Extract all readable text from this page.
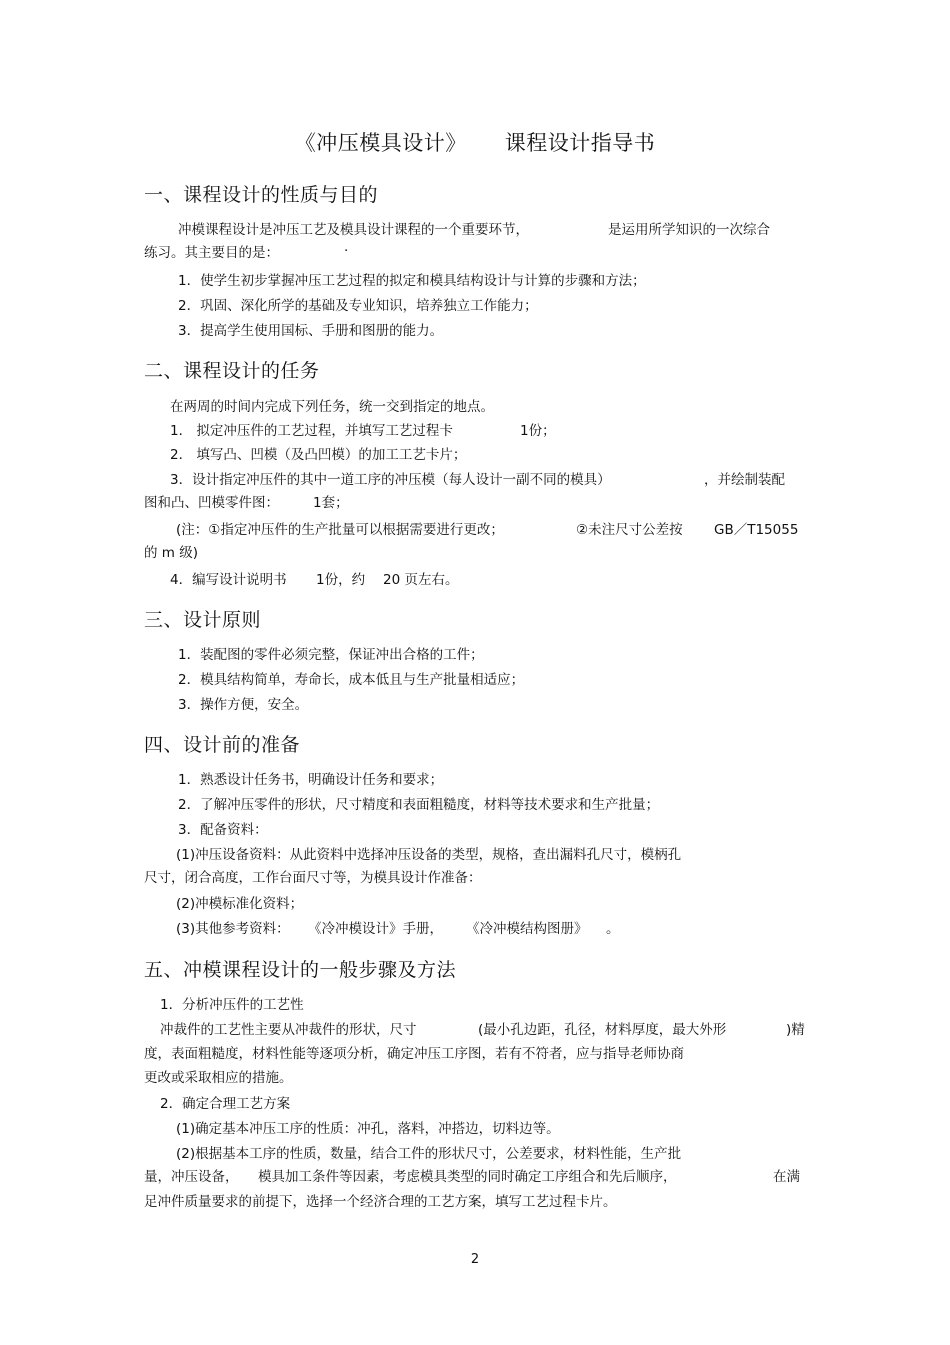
《冲压模具设计》 课程设计指导书
一、课程设计的性质与目的
冲模课程设计是冲压工艺及模具设计课程的一个重要环节，	是运用所学知识的一次综合
练习。其主要目的是：	·
1．使学生初步掌握冲压工艺过程的拟定和模具结构设计与计算的步骤和方法；
2．巩固、深化所学的基础及专业知识，培养独立工作能力；
3．提高学生使用国标、手册和图册的能力。
二、课程设计的任务
在两周的时间内完成下列任务，统一交到指定的地点。
1． 拟定冲压件的工艺过程，并填写工艺过程卡	1份；
2． 填写凸、凹模（及凸凹模）的加工工艺卡片；
3．设计指定冲压件的其中一道工序的冲压模（每人设计一副不同的模具）	，并绘制装配
图和凸、凹模零件图：	1套；
(注：①指定冲压件的生产批量可以根据需要进行更改；	②未注尺寸公差按 GB／T15055
的 m 级)
4．编写设计说明书 1份，约 20 页左右。
三、设计原则
1．装配图的零件必须完整，保证冲出合格的工件；
2．模具结构简单，寿命长，成本低且与生产批量相适应；
3．操作方便，安全。
四、设计前的准备
1．熟悉设计任务书，明确设计任务和要求；
2．了解冲压零件的形状，尺寸精度和表面粗糙度，材料等技术要求和生产批量；
3．配备资料：
(1)冲压设备资料：从此资料中选择冲压设备的类型，规格，查出漏料孔尺寸，模柄孔
尺寸，闭合高度，工作台面尺寸等，为模具设计作准备：
(2)冲模标准化资料；
(3)其他参考资料： 《冷冲模设计》手册， 《冷冲模结构图册》 。
五、冲模课程设计的一般步骤及方法
1．分析冲压件的工艺性
冲裁件的工艺性主要从冲裁件的形状，尺寸	(最小孔边距，孔径，材料厚度，最大外形	)精
度，表面粗糙度，材料性能等逐项分析，确定冲压工序图，若有不符者，应与指导老师协商
更改或采取相应的措施。
2．确定合理工艺方案
(1)确定基本冲压工序的性质：冲孔，落料，冲搭边，切料边等。
(2)根据基本工序的性质，数量，结合工件的形状尺寸，公差要求，材料性能，生产批
量，冲压设备， 模具加工条件等因素，考虑模具类型的同时确定工序组合和先后顺序，	在满
足冲件质量要求的前提下，选择一个经济合理的工艺方案，填写工艺过程卡片。
2
